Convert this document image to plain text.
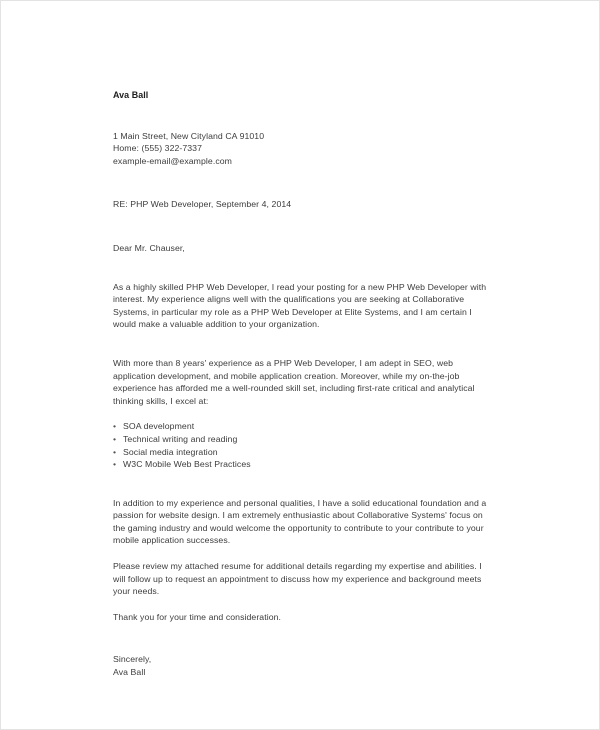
Ava Ball

1 Main Street, New Cityland CA 91010

Home: (555) 322-7337

example-email@example.com

RE: PHP Web Developer, September 4, 2014

Dear Mr. Chauser,

As a highly skilled PHP Web Developer, I read your posting for a new PHP Web Developer with interest. My experience aligns well with the qualifications you are seeking at Collaborative Systems, in particular my role as a PHP Web Developer at Elite Systems, and I am certain I would make a valuable addition to your organization.

With more than 8 years' experience as a PHP Web Developer, I am adept in SEO, web application development, and mobile application creation. Moreover, while my on-the-job experience has afforded me a well-rounded skill set, including first-rate critical and analytical thinking skills, I excel at:

• SOA development
• Technical writing and reading
• Social media integration
• W3C Mobile Web Best Practices

In addition to my experience and personal qualities, I have a solid educational foundation and a passion for website design. I am extremely enthusiastic about Collaborative Systems' focus on the gaming industry and would welcome the opportunity to contribute to your contribute to your mobile application successes.

Please review my attached resume for additional details regarding my expertise and abilities. I will follow up to request an appointment to discuss how my experience and background meets your needs.

Thank you for your time and consideration.

Sincerely,

Ava Ball
